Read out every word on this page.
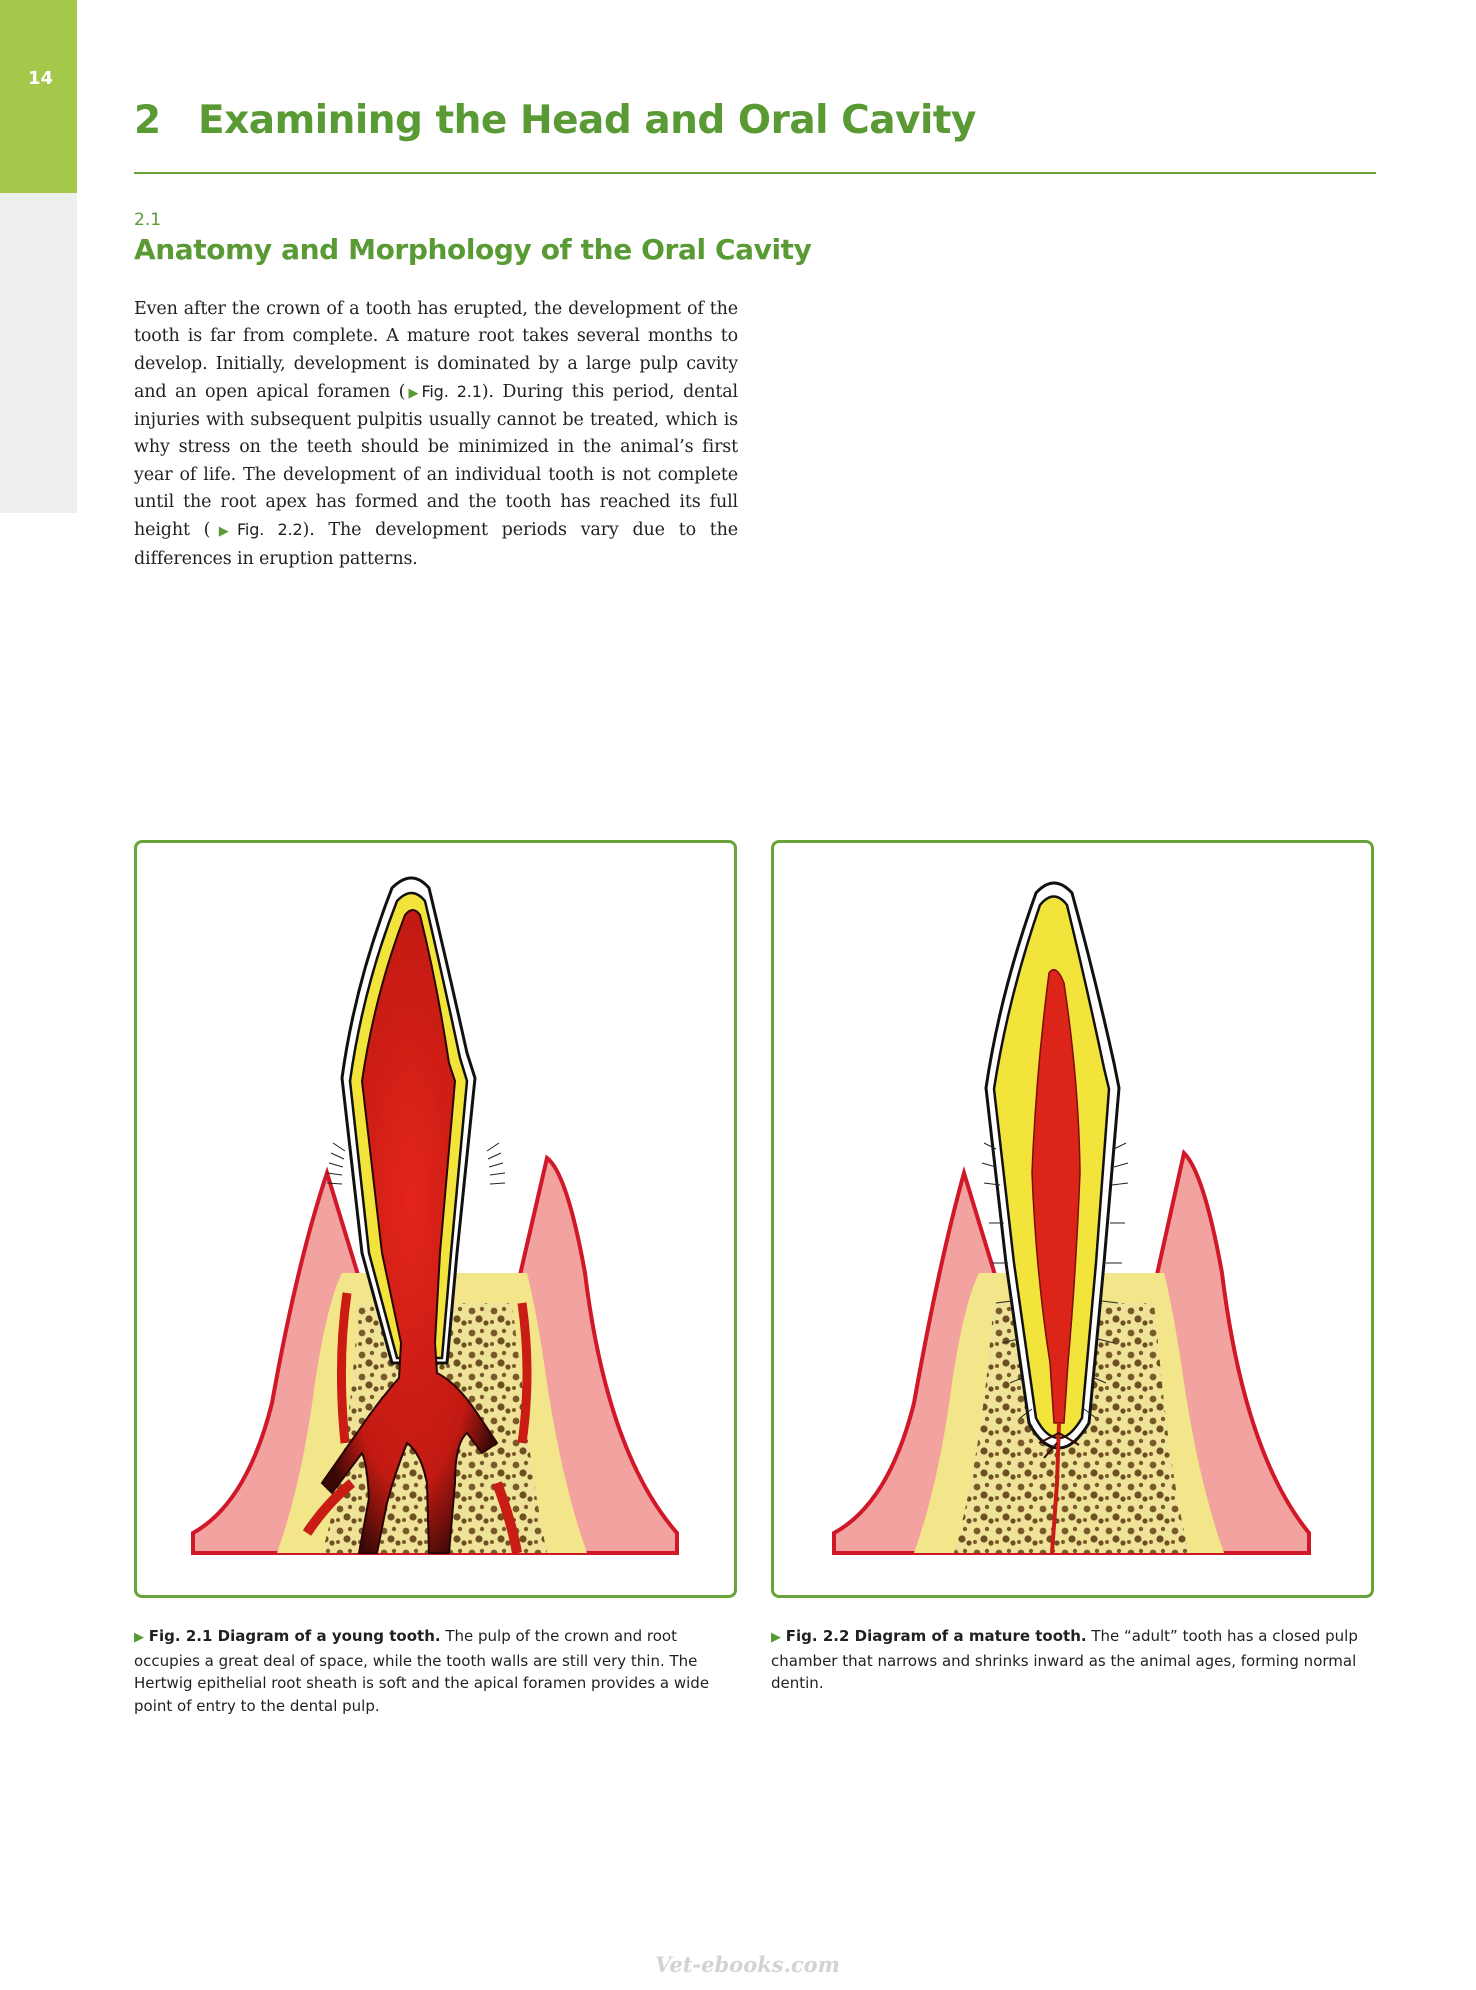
14
2 Examining the Head and Oral Cavity
2.1
Anatomy and Morphology of the Oral Cavity
Even after the crown of a tooth has erupted, the development of the tooth is far from complete. A mature root takes several months to develop. Initially, development is dominated by a large pulp cavity and an open apical foramen (▶Fig. 2.1). During this period, dental injuries with subsequent pulpitis usually cannot be treated, which is why stress on the teeth should be minimized in the animal’s first year of life. The development of an individual tooth is not complete until the root apex has formed and the tooth has reached its full height (▶Fig. 2.2). The development periods vary due to the differences in eruption patterns.
▶ Fig. 2.1 Diagram of a young tooth. The pulp of the crown and root occupies a great deal of space, while the tooth walls are still very thin. The Hertwig epithelial root sheath is soft and the apical foramen provides a wide point of entry to the dental pulp.
▶ Fig. 2.2 Diagram of a mature tooth. The “adult” tooth has a closed pulp chamber that narrows and shrinks inward as the animal ages, forming normal dentin.
Vet-ebooks.com
